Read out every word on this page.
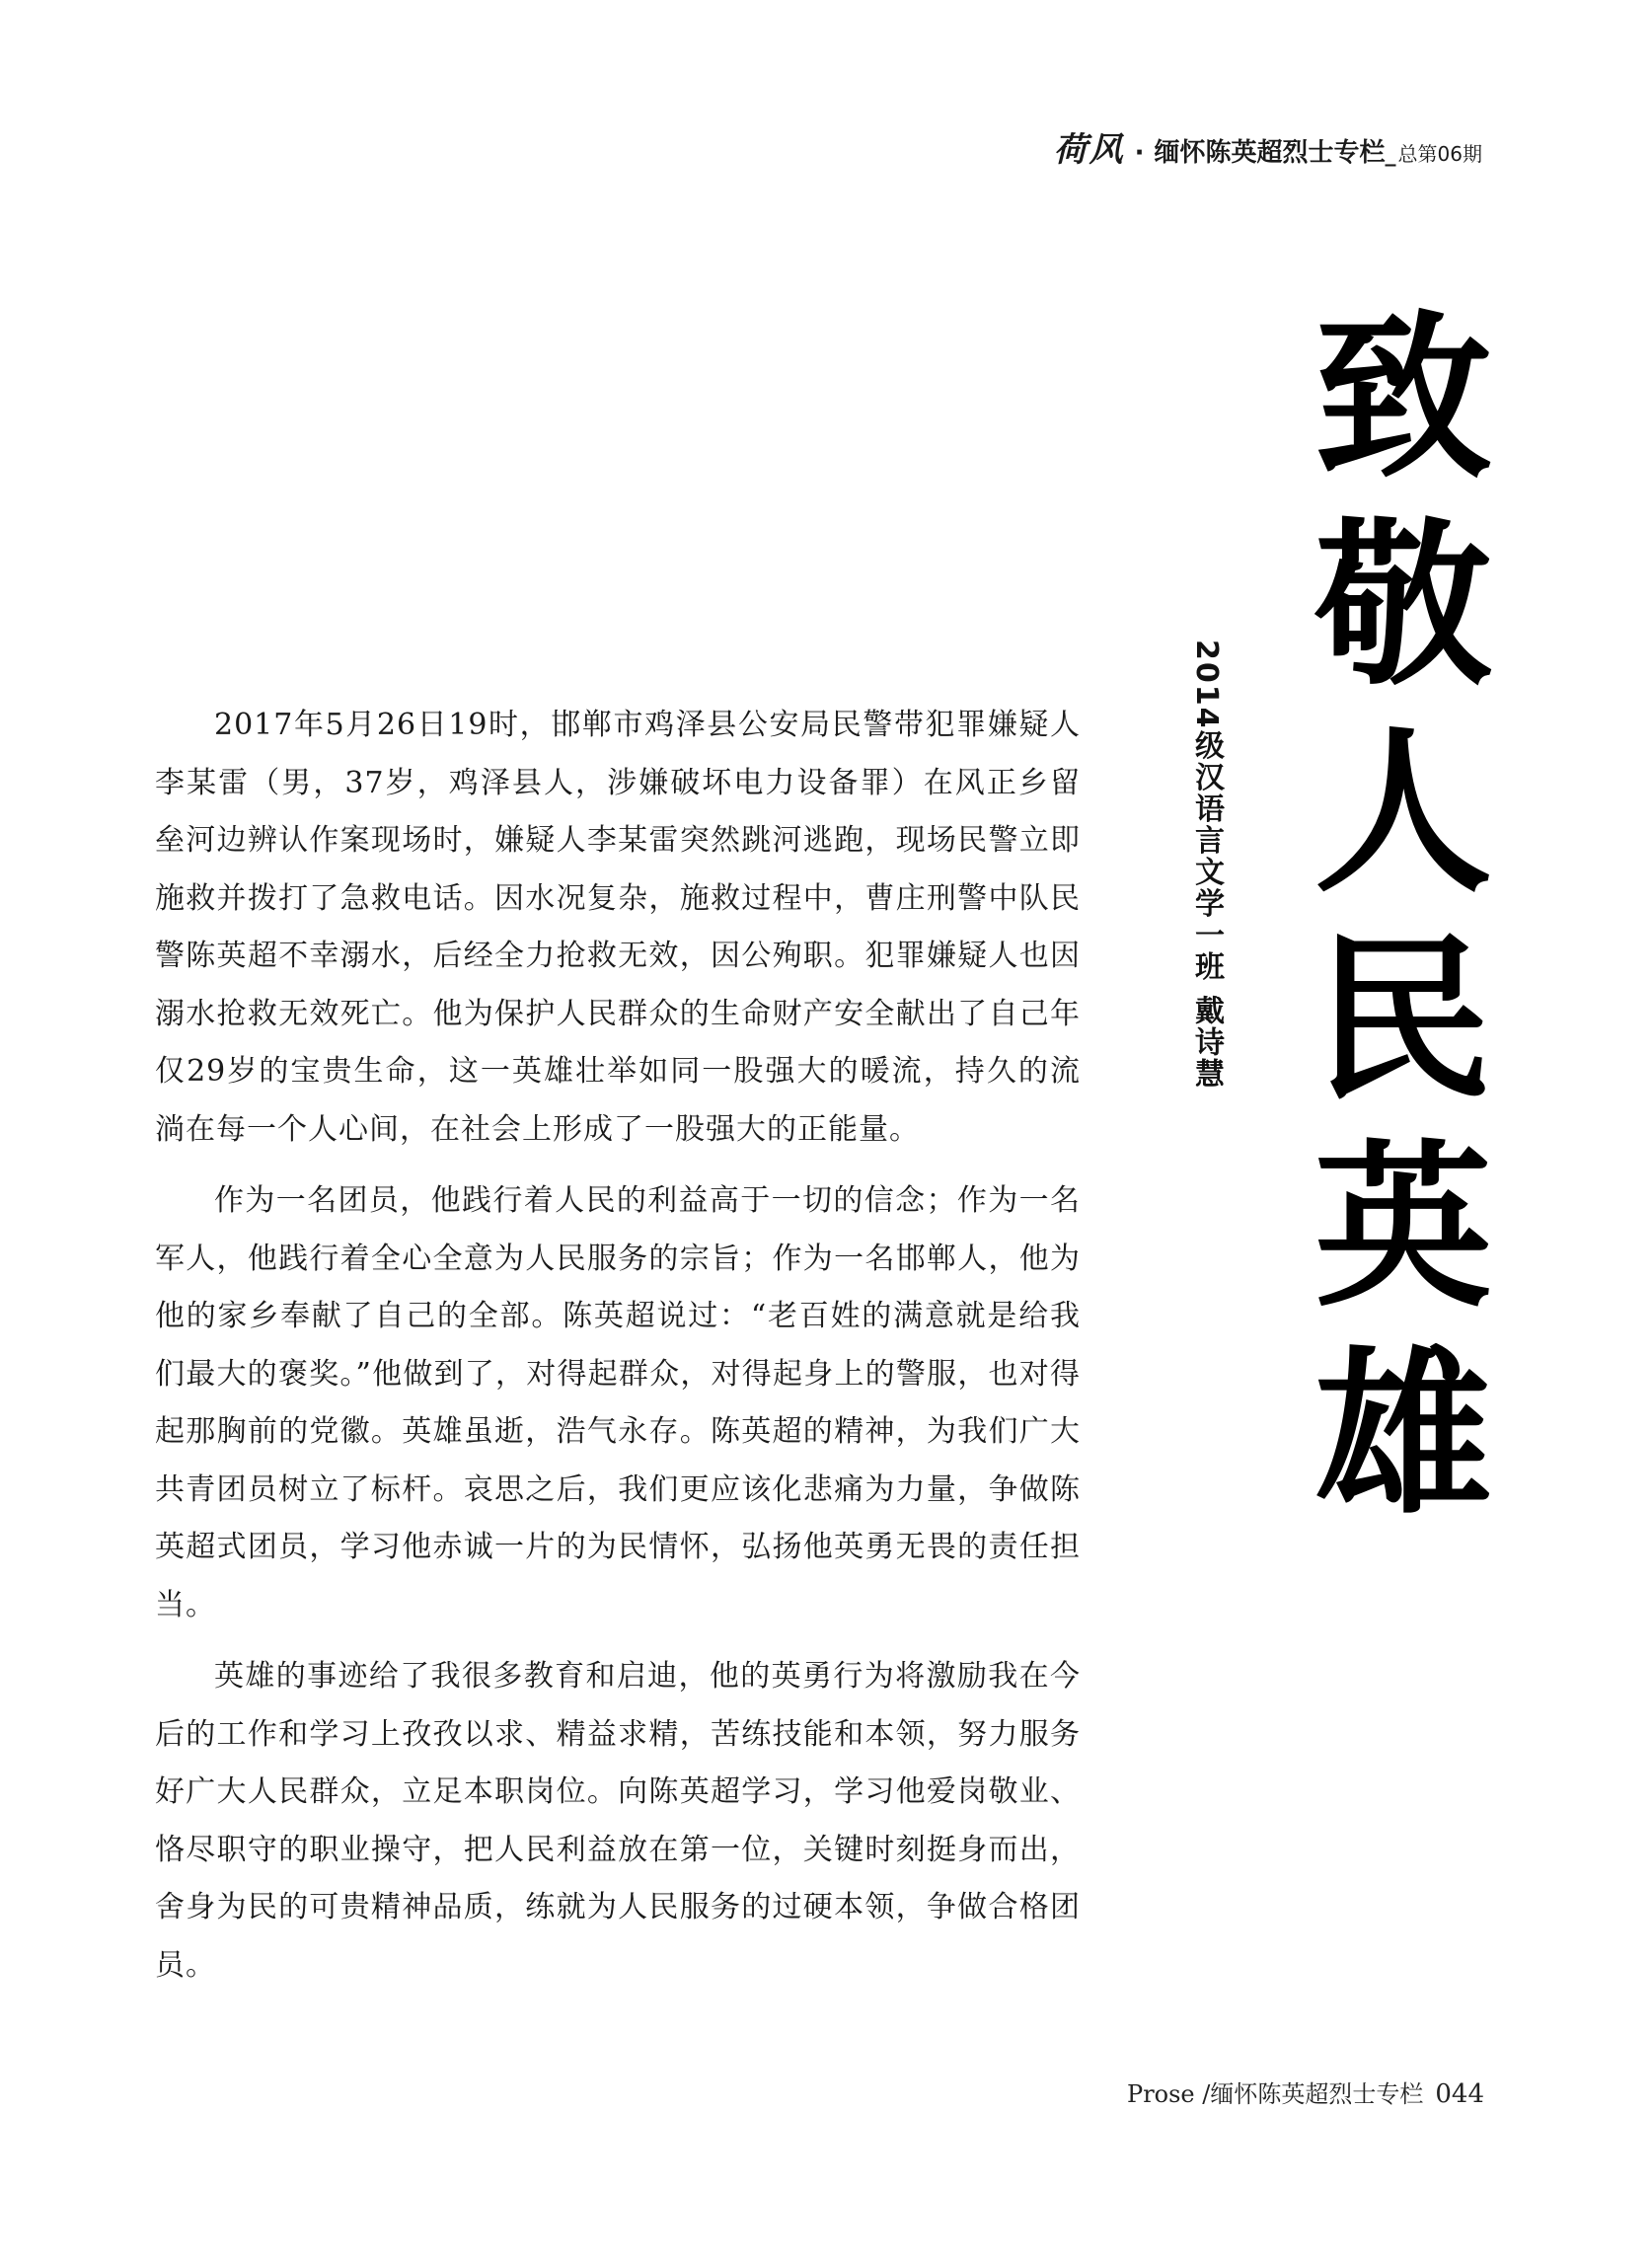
荷风 · 缅怀陈英超烈士专栏 _ 总第06期
致
敬
人
民
英
雄
2014级汉语言文学一班 戴诗慧

2017年5月26日19时，邯郸市鸡泽县公安局民警带犯罪嫌疑人李某雷（男，37岁，鸡泽县人，涉嫌破坏电力设备罪）在风正乡留垒河边辨认作案现场时，嫌疑人李某雷突然跳河逃跑，现场民警立即施救并拨打了急救电话。因水况复杂，施救过程中，曹庄刑警中队民警陈英超不幸溺水，后经全力抢救无效，因公殉职。犯罪嫌疑人也因溺水抢救无效死亡。他为保护人民群众的生命财产安全献出了自己年仅29岁的宝贵生命，这一英雄壮举如同一股强大的暖流，持久的流淌在每一个人心间，在社会上形成了一股强大的正能量。

作为一名团员，他践行着人民的利益高于一切的信念；作为一名军人，他践行着全心全意为人民服务的宗旨；作为一名邯郸人，他为他的家乡奉献了自己的全部。陈英超说过：“老百姓的满意就是给我们最大的褒奖。”他做到了，对得起群众，对得起身上的警服，也对得起那胸前的党徽。英雄虽逝，浩气永存。陈英超的精神，为我们广大共青团员树立了标杆。哀思之后，我们更应该化悲痛为力量，争做陈英超式团员，学习他赤诚一片的为民情怀，弘扬他英勇无畏的责任担当。

英雄的事迹给了我很多教育和启迪，他的英勇行为将激励我在今后的工作和学习上孜孜以求、精益求精，苦练技能和本领，努力服务好广大人民群众，立足本职岗位。向陈英超学习，学习他爱岗敬业、恪尽职守的职业操守，把人民利益放在第一位，关键时刻挺身而出，舍身为民的可贵精神品质，练就为人民服务的过硬本领，争做合格团员。

Prose /缅怀陈英超烈士专栏 044
